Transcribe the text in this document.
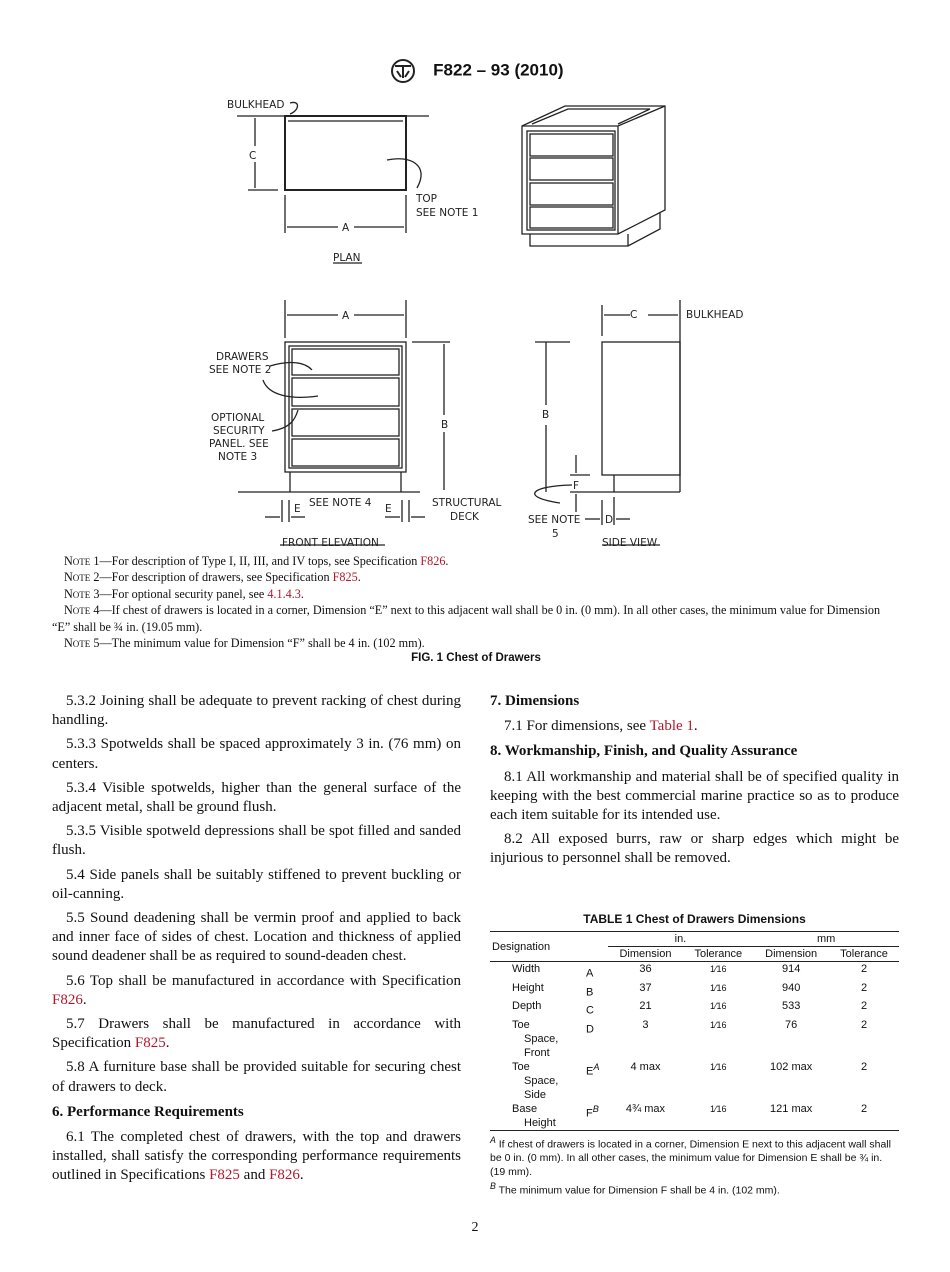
F822 – 93 (2010)
BULKHEAD
C
A
TOP
SEE NOTE 1
PLAN
DRAWERS
SEE NOTE 2
OPTIONAL
SECURITY
PANEL. SEE
NOTE 3
A
B
SEE NOTE 4
E	E	STRUCTURAL
DECK
FRONT ELEVATION
C	BULKHEAD
B
F
D
SEE NOTE
5
SIDE VIEW

Note 1—For description of Type I, II, III, and IV tops, see Specification F826.

Note 2—For description of drawers, see Specification F825.

Note 3—For optional security panel, see 4.1.4.3.

Note 4—If chest of drawers is located in a corner, Dimension “E” next to this adjacent wall shall be 0 in. (0 mm). In all other cases, the minimum value for Dimension “E” shall be ¾ in. (19.05 mm).

Note 5—The minimum value for Dimension “F” shall be 4 in. (102 mm).

FIG. 1 Chest of Drawers

5.3.2 Joining shall be adequate to prevent racking of chest during handling.

5.3.3 Spotwelds shall be spaced approximately 3 in. (76 mm) on centers.

5.3.4 Visible spotwelds, higher than the general surface of the adjacent metal, shall be ground flush.

5.3.5 Visible spotweld depressions shall be spot filled and sanded flush.

5.4 Side panels shall be suitably stiffened to prevent buckling or oil-canning.

5.5 Sound deadening shall be vermin proof and applied to back and inner face of sides of chest. Location and thickness of applied sound deadener shall be as required to sound-deaden chest.

5.6 Top shall be manufactured in accordance with Specification F826.

5.7 Drawers shall be manufactured in accordance with Specification F825.

5.8 A furniture base shall be provided suitable for securing chest of drawers to deck.

6. Performance Requirements

6.1 The completed chest of drawers, with the top and drawers installed, shall satisfy the corresponding performance requirements outlined in Specifications F825 and F826.

7. Dimensions

7.1 For dimensions, see Table 1.

8. Workmanship, Finish, and Quality Assurance

8.1 All workmanship and material shall be of specified quality in keeping with the best commercial marine practice so as to produce each item suitable for its intended use.

8.2 All exposed burrs, raw or sharp edges which might be injurious to personnel shall be removed.

TABLE 1 Chest of Drawers Dimensions
Designation		in.		mm	
		Dimension	Tolerance	Dimension	Tolerance
Width	A	36	1⁄16	914	2
Height	B	37	1⁄16	940	2
Depth	C	21	1⁄16	533	2
Toe
Space,
Front	D	3	1⁄16	76	2
Toe
Space,
Side	$E^A$	4 max	1⁄16	102 max	2
Base
Height	$F^B$	4¾ max	1⁄16	121 max	2
$^A$ If chest of drawers is located in a corner, Dimension E next to this adjacent wall shall be 0 in. (0 mm). In all other cases, the minimum value for Dimension E shall be ¾ in. (19 mm).
$^B$ The minimum value for Dimension F shall be 4 in. (102 mm).
2
